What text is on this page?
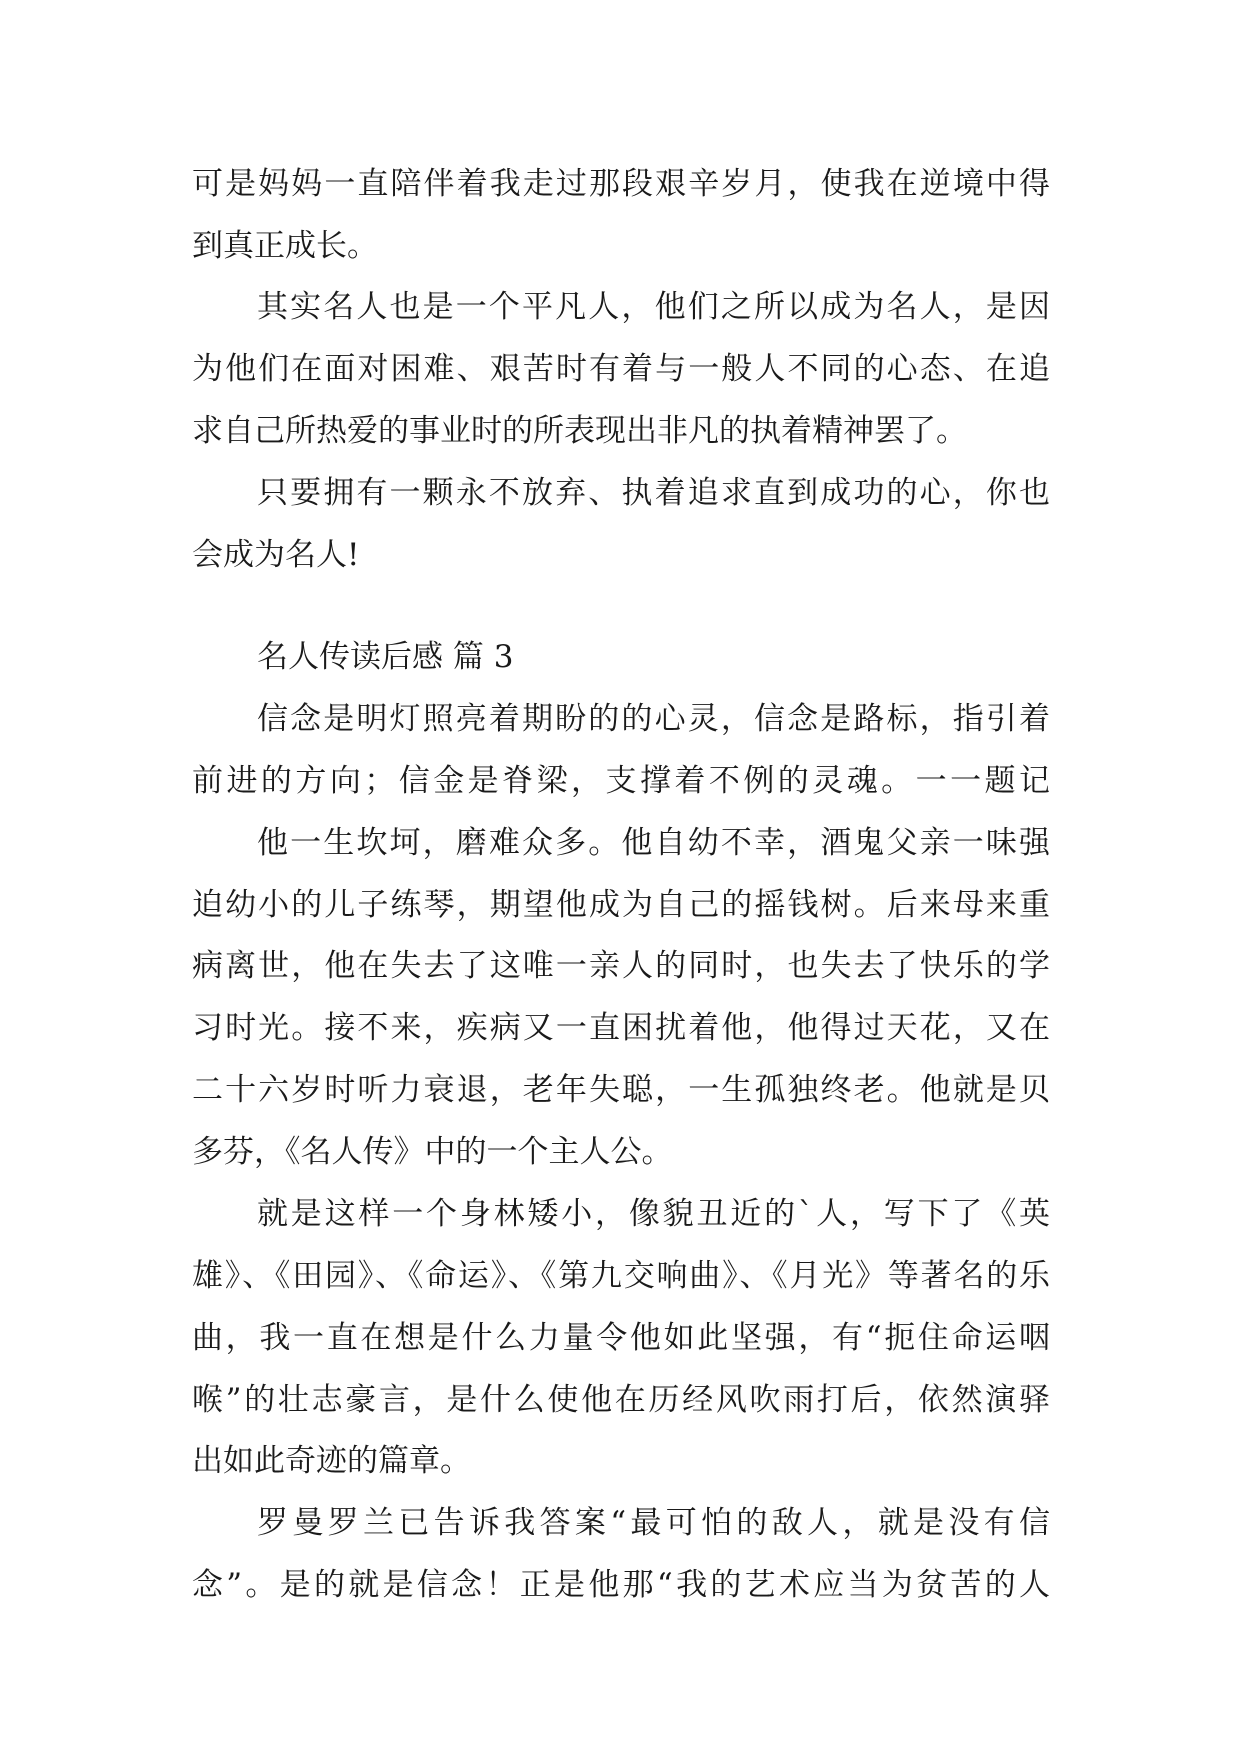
可是妈妈一直陪伴着我走过那段艰辛岁月，使我在逆境中得
到真正成长。
其实名人也是一个平凡人，他们之所以成为名人，是因
为他们在面对困难、艰苦时有着与一般人不同的心态、在追
求自己所热爱的事业时的所表现出非凡的执着精神罢了。
只要拥有一颗永不放弃、执着追求直到成功的心，你也
会成为名人!
名人传读后感 篇 3
信念是明灯照亮着期盼的的心灵，信念是路标，指引着
前进的方向；信金是脊梁，支撑着不例的灵魂。一一题记
他一生坎坷，磨难众多。他自幼不幸，酒鬼父亲一味强
迫幼小的儿子练琴，期望他成为自己的摇钱树。后来母来重
病离世，他在失去了这唯一亲人的同时，也失去了快乐的学
习时光。接不来，疾病又一直困扰着他，他得过天花，又在
二十六岁时听力衰退，老年失聪，一生孤独终老。他就是贝
多芬，《名人传》中的一个主人公。
就是这样一个身林矮小，像貌丑近的`人，写下了《英
雄》、《田园》、《命运》、《第九交响曲》、《月光》等著名的乐
曲，我一直在想是什么力量令他如此坚强，有“扼住命运咽
喉”的壮志豪言，是什么使他在历经风吹雨打后，依然演驿
出如此奇迹的篇章。
罗曼罗兰已告诉我答案“最可怕的敌人，就是没有信
念”。是的就是信念！正是他那“我的艺术应当为贫苦的人
